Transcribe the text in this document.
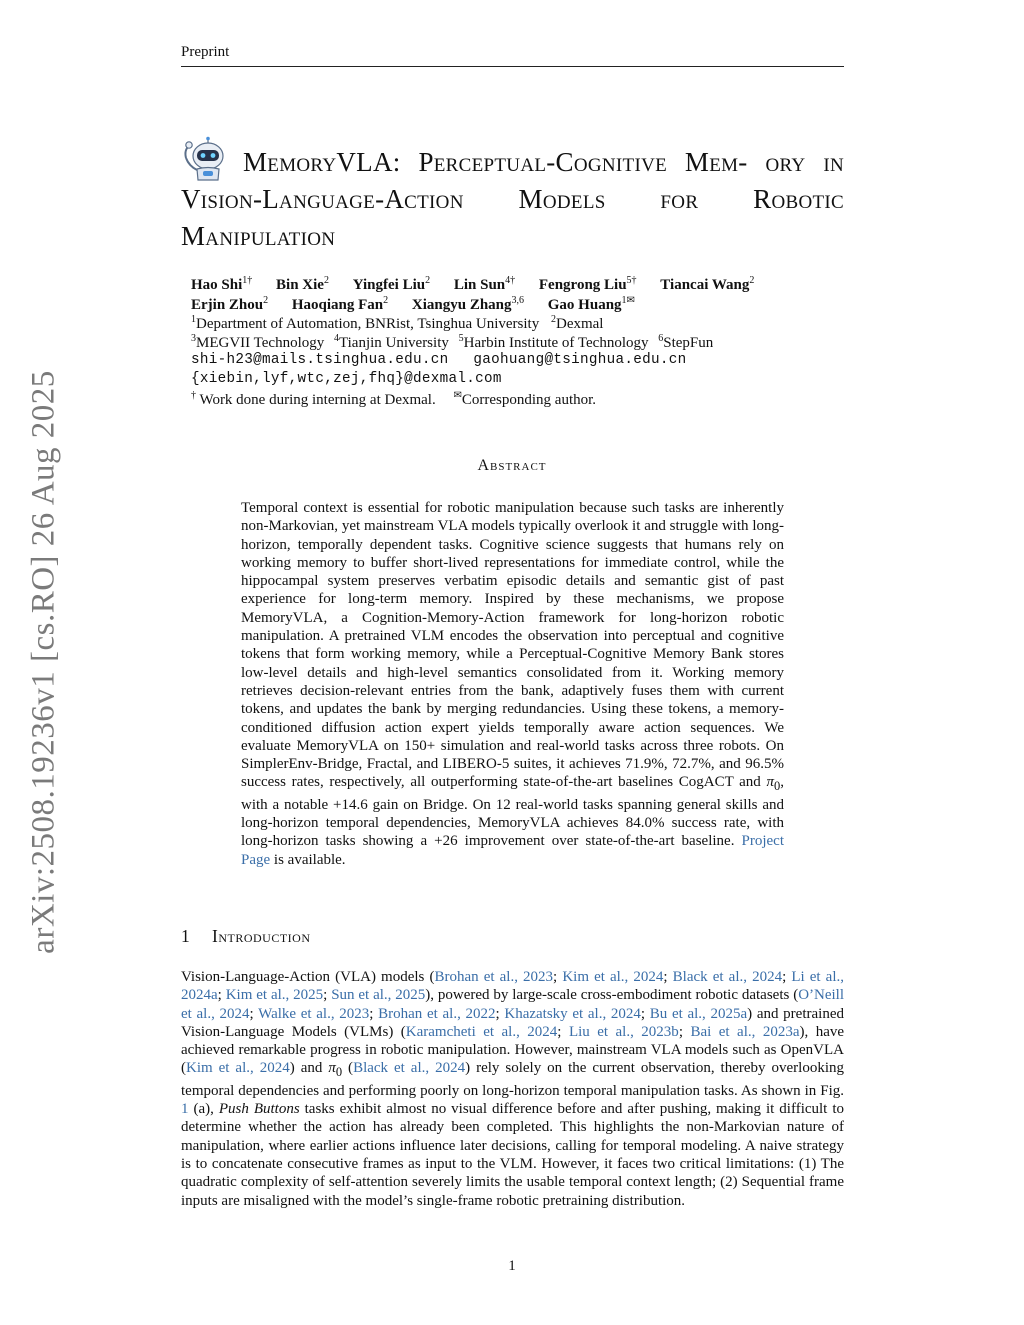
Preprint
arXiv:2508.19236v1 [cs.RO] 26 Aug 2025
MemoryVLA: Perceptual-Cognitive Mem- ory in Vision-Language-Action Models for Robotic Manipulation
Hao Shi$^{1\dagger}$ Bin Xie$^2$ Yingfei Liu$^2$ Lin Sun$^{4\dagger}$ Fengrong Liu$^{5\dagger}$ Tiancai Wang$^2$
Erjin Zhou$^2$ Haoqiang Fan$^2$ Xiangyu Zhang$^{3,6}$ Gao Huang$^{1✉}$
$^1$Department of Automation, BNRist, Tsinghua University $^2$Dexmal
$^3$MEGVII Technology $^4$Tianjin University $^5$Harbin Institute of Technology $^6$StepFun
shi-h23@mails.tsinghua.edu.cn gaohuang@tsinghua.edu.cn
{xiebin,lyf,wtc,zej,fhq}@dexmal.com
† Work done during interning at Dexmal. ✉Corresponding author.
Abstract
Temporal context is essential for robotic manipulation because such tasks are inherently non-Markovian, yet mainstream VLA models typically overlook it and struggle with long-horizon, temporally dependent tasks. Cognitive science suggests that humans rely on working memory to buffer short-lived representations for immediate control, while the hippocampal system preserves verbatim episodic details and semantic gist of past experience for long-term memory. Inspired by these mechanisms, we propose MemoryVLA, a Cognition-Memory-Action framework for long-horizon robotic manipulation. A pretrained VLM encodes the observation into perceptual and cognitive tokens that form working memory, while a Perceptual-Cognitive Memory Bank stores low-level details and high-level semantics consolidated from it. Working memory retrieves decision-relevant entries from the bank, adaptively fuses them with current tokens, and updates the bank by merging redundancies. Using these tokens, a memory-conditioned diffusion action expert yields temporally aware action sequences. We evaluate MemoryVLA on 150+ simulation and real-world tasks across three robots. On SimplerEnv-Bridge, Fractal, and LIBERO-5 suites, it achieves 71.9%, 72.7%, and 96.5% success rates, respectively, all outperforming state-of-the-art baselines CogACT and $\pi_0$, with a notable +14.6 gain on Bridge. On 12 real-world tasks spanning general skills and long-horizon temporal dependencies, MemoryVLA achieves 84.0% success rate, with long-horizon tasks showing a +26 improvement over state-of-the-art baseline. Project Page is available.
1 Introduction
Vision-Language-Action (VLA) models (Brohan et al., 2023; Kim et al., 2024; Black et al., 2024; Li et al., 2024a; Kim et al., 2025; Sun et al., 2025), powered by large-scale cross-embodiment robotic datasets (O’Neill et al., 2024; Walke et al., 2023; Brohan et al., 2022; Khazatsky et al., 2024; Bu et al., 2025a) and pretrained Vision-Language Models (VLMs) (Karamcheti et al., 2024; Liu et al., 2023b; Bai et al., 2023a), have achieved remarkable progress in robotic manipulation. However, mainstream VLA models such as OpenVLA (Kim et al., 2024) and $\pi_0$ (Black et al., 2024) rely solely on the current observation, thereby overlooking temporal dependencies and performing poorly on long-horizon temporal manipulation tasks. As shown in Fig. 1 (a), Push Buttons tasks exhibit almost no visual difference before and after pushing, making it difficult to determine whether the action has already been completed. This highlights the non-Markovian nature of manipulation, where earlier actions influence later decisions, calling for temporal modeling. A naive strategy is to concatenate consecutive frames as input to the VLM. However, it faces two critical limitations: (1) The quadratic complexity of self-attention severely limits the usable temporal context length; (2) Sequential frame inputs are misaligned with the model’s single-frame robotic pretraining distribution.
1
